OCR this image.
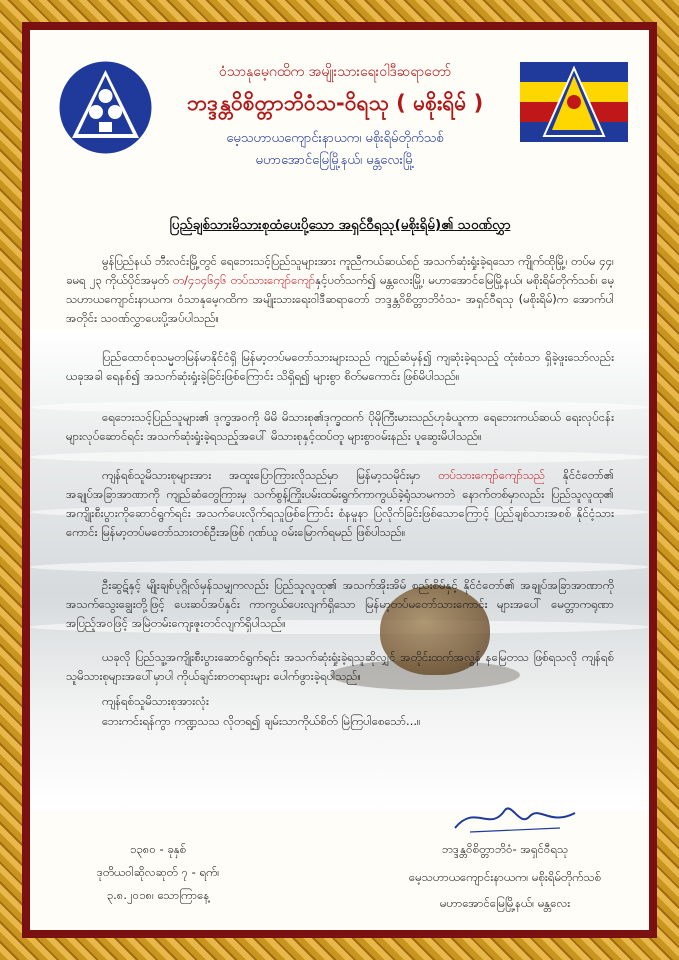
ဝံသာနုမေ့ဂထိက အမျိုးသားရေးဝါဒီဆရာတော်
ဘဒ္ဒန္တဝိစိတ္တာဘိဝံသ-ဝိရသု ( မစိုးရိမ် )
မေ့သဟာယကျောင်းနာယက၊ မစိုးရိမ်တိုက်သစ်
မဟာအောင်မြေမြို့နယ်၊ မန္တလေးမြို့
ပြည်ချစ်သားမိသားစုထံပေးပို့သော အရှင်ဝီရသု(မစိုးရိမ်)၏ သဝဏ်လွှာ
မွန်ပြည်နယ် ဘီးလင်းမြို့တွင် ရေဘေးသင့်ပြည်သူများအား ကူညီကယ်ဆယ်စဉ် အသက်ဆုံးရှုံးခဲ့ရသော ကျိုက်ထိုမြို့၊ တပ်မ ၄၄၊ ခမရ ၂၃ ကိုယ်ပိုင်အမှတ် တ/၄၁၄၆၄၆ တပ်သားကျော်ကျော်နှင့်ပတ်သက်၍ မန္တလေးမြို့၊ မဟာအောင်မြေမြို့နယ်၊ မစိုးရိမ်တိုက်သစ်၊ မေ့သဟာယကျောင်းနာယက၊ ဝံသာနုမေ့ဂထိက အမျိုးသားရေးဝါဒီဆရာတော် ဘဒ္ဒန္တဝိစိတ္တာဘိဝံသ- အရှင်ဝီရသု (မစိုးရိမ်)က အောက်ပါအတိုင်း သဝဏ်လွှာပေးပို့အပ်ပါသည်။
ပြည်ထောင်စုသမ္မတမြန်မာနိုင်ငံရှိ မြန်မာ့တပ်မတော်သားများသည် ကျည်ဆံမှန်၍ ကျဆုံးခဲ့ရသည့် ထုံးစံသာ ရှိခဲ့ဖူးသော်လည်း ယခုအခါ ရေနစ်၍ အသက်ဆုံးရှုံးခဲ့ခြင်းဖြစ်ကြောင်း သိရှိရ၍ များစွာ စိတ်မကောင်း ဖြစ်မိပါသည်။
ရေဘေးသင့်ပြည်သူများ၏ ဒုက္ခအဝကို မိမိ မိသားစု၏ဒုက္ခထက် ပိုမိုကြီးမားသည်ဟုခံယူကာ ရေဘေးကယ်ဆယ် ရေးလုပ်ငန်းများလုပ်ဆောင်ရင်း အသက်ဆုံးရှုံးခဲ့ရသည့်အပေါ် မိသားစုနှင့်ထပ်တူ များစွာဝမ်းနည်း ပူဆွေးမိပါသည်။
ကျန်ရစ်သူမိသားစုများအား အထူးပြောကြားလိုသည်မှာ မြန်မာ့သမိုင်းမှာ တပ်သားကျော်ကျော်သည် နိုင်ငံတော်၏ အချုပ်အခြာအာဏာကို ကျည်ဆံတွေကြားမှ သက်စွန့်ကြိုးပမ်းထမ်းရွက်ကာကွယ်ခဲ့ရုံသာမကဘဲ နောက်တစ်မှာလည်း ပြည်သူလူထု၏ အကျိုးစီးပွားကိုဆောင်ရွက်ရင်း အသက်ပေးလိုက်ရသူဖြစ်ကြောင်း စံနမူနာ ပြလိုက်ခြင်းဖြစ်သောကြောင့် ပြည်ချစ်သားအစစ် နိုင်ငံ့သားကောင်း မြန်မာ့တပ်မတော်သားတစ်ဦးအဖြစ် ဂုဏ်ယူ ဝမ်းမြောက်ရမည် ဖြစ်ပါသည်။
ဦးဆွဋ်နှင့် မျိုးချစ်ပုဂ္ဂိုလ်မှန်သမျှကလည်း ပြည်သူလူထု၏ အသက်အိုးအိမ် စည်းစိမ်နှင့် နိုင်ငံတော်၏ အချုပ်အခြာအာဏာကို အသက်သွေးချွေးတို့ဖြင့် ပေးဆပ်အပ်နှင်း ကာကွယ်ပေးလျက်ရှိသော မြန်မာ့တပ်မတော်သားကောင်း များအပေါ် မေတ္တာကရုဏာ အပြည့်အဝဖြင့် အမြဲတမ်းကျေးဇူးတင်လျက်ရှိပါသည်။
ယခုလို ပြည်သူ့အကျိုးစီးပွားဆောင်ရွက်ရင်း အသက်ဆုံးရှုံးခဲ့ရသူဆိုလျှင် အတိုင်းထက်အလွန် နမြေတသ ဖြစ်ရသလို ကျန်ရစ်သူမိသားစုများအပေါ်မှာပါ ကိုယ်ချင်းစာတရားများ ပေါက်ဖွားခဲ့ရပါသည်။
ကျန်ရစ်သူမိသားစုအားလုံး
ဘေးကင်းရန်ကွာ ကဏ္ဍသသ လိုတရ၍ ချမ်းသာကိုယ်စိတ် မြဲကြပါစေသော်...။
၁၃၈၀ - ခုနှစ်
ဒုတိယဝါဆိုလဆုတ် ၇ - ရက်၊
၃.၈.၂၀၁၈၊ သောကြာနေ့
ဘဒ္ဒန္တဝိစိတ္တာဘိဝံ- အရှင်ဝီရသု
မေ့သဟာယကျောင်းနာယက၊ မစိုးရိမ်တိုက်သစ်
မဟာအောင်မြေမြို့နယ်၊ မန္တလေး
